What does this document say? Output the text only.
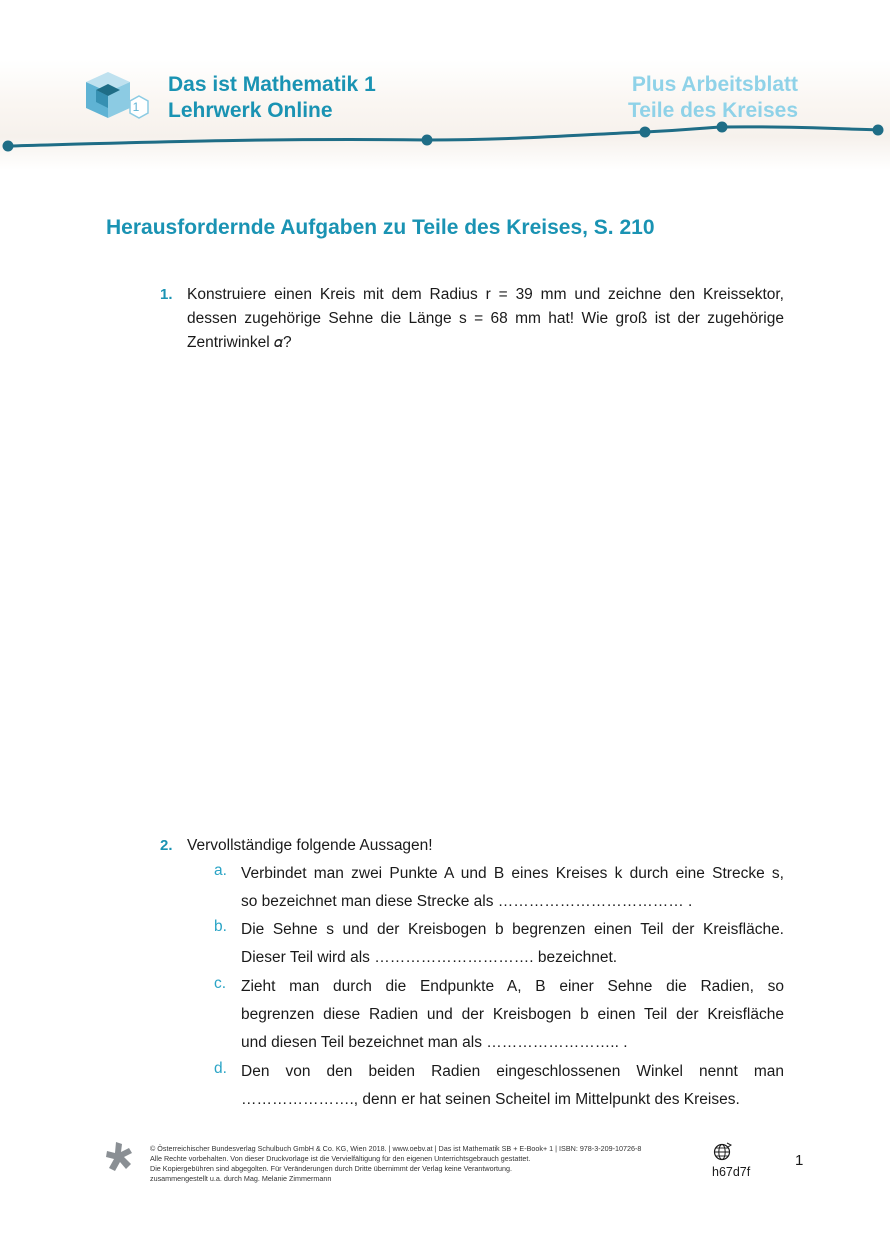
1
Das ist Mathematik 1
Lehrwerk Online
Plus Arbeitsblatt
Teile des Kreises
Herausfordernde Aufgaben zu Teile des Kreises, S. 210
1. Konstruiere einen Kreis mit dem Radius r = 39 mm und zeichne den Kreissektor,
dessen zugehörige Sehne die Länge s = 68 mm hat! Wie groß ist der zugehörige
Zentriwinkel 𝛼?
2. Vervollständige folgende Aussagen!
a. Verbindet man zwei Punkte A und B eines Kreises k durch eine Strecke s,
so bezeichnet man diese Strecke als ……………………………… .
b. Die Sehne s und der Kreisbogen b begrenzen einen Teil der Kreisfläche.
Dieser Teil wird als …………………………. bezeichnet.
c. Zieht man durch die Endpunkte A, B einer Sehne die Radien, so
begrenzen diese Radien und der Kreisbogen b einen Teil der Kreisfläche
und diesen Teil bezeichnet man als …………………….. .
d. Den von den beiden Radien eingeschlossenen Winkel nennt man
…………………., denn er hat seinen Scheitel im Mittelpunkt des Kreises.
© Österreichischer Bundesverlag Schulbuch GmbH & Co. KG, Wien 2018. | www.oebv.at | Das ist Mathematik SB + E-Book+ 1 | ISBN: 978-3-209-10726-8
Alle Rechte vorbehalten. Von dieser Druckvorlage ist die Vervielfältigung für den eigenen Unterrichtsgebrauch gestattet.
Die Kopiergebühren sind abgegolten. Für Veränderungen durch Dritte übernimmt der Verlag keine Verantwortung.
zusammengestellt u.a. durch Mag. Melanie Zimmermann	h67d7f
1
